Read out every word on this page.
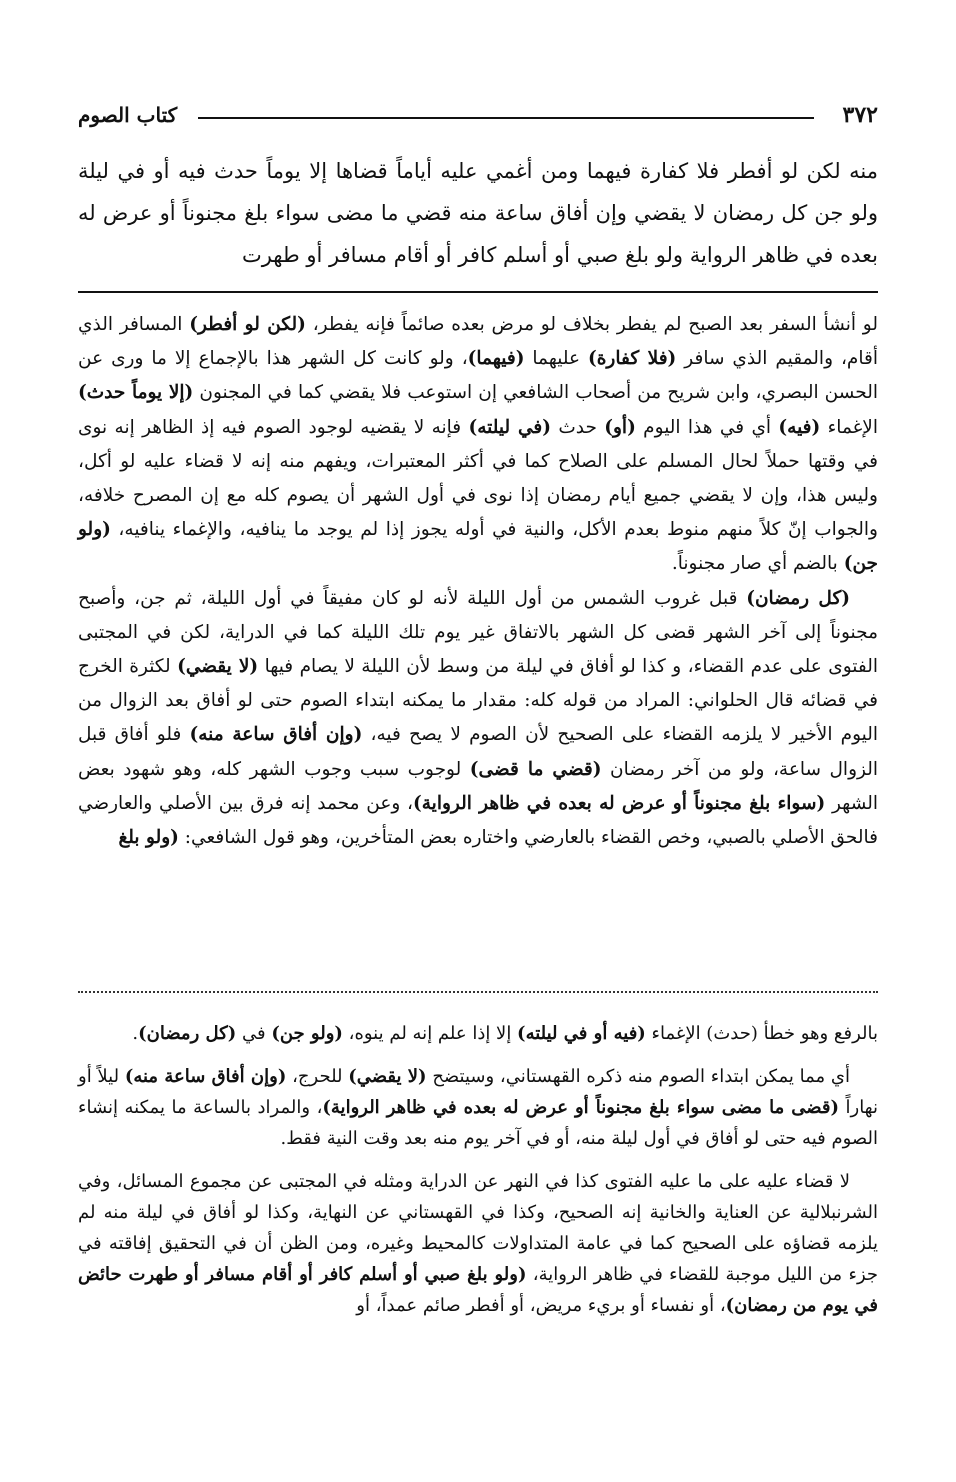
٣٧٢
كتاب الصوم

منه لكن لو أفطر فلا كفارة فيهما ومن أغمي عليه أياماً قضاها إلا يوماً حدث فيه أو في ليلة ولو جن كل رمضان لا يقضي وإن أفاق ساعة منه قضي ما مضى سواء بلغ مجنوناً أو عرض له بعده في ظاهر الرواية ولو بلغ صبي أو أسلم كافر أو أقام مسافر أو طهرت

لو أنشأ السفر بعد الصبح لم يفطر بخلاف لو مرض بعده صائماً فإنه يفطر، (لكن لو أفطر) المسافر الذي أقام، والمقيم الذي سافر (فلا كفارة) عليهما (فيهما)، ولو كانت كل الشهر هذا بالإجماع إلا ما ورى عن الحسن البصري، وابن شريح من أصحاب الشافعي إن استوعب فلا يقضي كما في المجنون (إلا يوماً حدث) الإغماء (فيه) أي في هذا اليوم (أو) حدث (في ليلته) فإنه لا يقضيه لوجود الصوم فيه إذ الظاهر إنه نوى في وقتها حملاً لحال المسلم على الصلاح كما في أكثر المعتبرات، ويفهم منه إنه لا قضاء عليه لو أكل، وليس هذا، وإن لا يقضي جميع أيام رمضان إذا نوى في أول الشهر أن يصوم كله مع إن المصرح خلافه، والجواب إنّ كلاً منهم منوط بعدم الأكل، والنية في أوله يجوز إذا لم يوجد ما ينافيه، والإغماء ينافيه، (ولو جن) بالضم أي صار مجنوناً.

(كل رمضان) قبل غروب الشمس من أول الليلة لأنه لو كان مفيقاً في أول الليلة، ثم جن، وأصبح مجنوناً إلى آخر الشهر قضى كل الشهر بالاتفاق غير يوم تلك الليلة كما في الدراية، لكن في المجتبى الفتوى على عدم القضاء، و كذا لو أفاق في ليلة من وسط لأن الليلة لا يصام فيها (لا يقضي) لكثرة الخرج في قضائه قال الحلواني: المراد من قوله كله: مقدار ما يمكنه ابتداء الصوم حتى لو أفاق بعد الزوال من اليوم الأخير لا يلزمه القضاء على الصحيح لأن الصوم لا يصح فيه، (وإن أفاق ساعة منه) فلو أفاق قبل الزوال ساعة، ولو من آخر رمضان (قضي ما قضى) لوجوب سبب وجوب الشهر كله، وهو شهود بعض الشهر (سواء بلغ مجنوناً أو عرض له بعده في ظاهر الرواية)، وعن محمد إنه فرق بين الأصلي والعارضي فالحق الأصلي بالصبي، وخص القضاء بالعارضي واختاره بعض المتأخرين، وهو قول الشافعي: (ولو بلغ

بالرفع وهو خطأ (حدث) الإغماء (فيه أو في ليلته) إلا إذا علم إنه لم ينوه، (ولو جن) في (كل رمضان).

أي مما يمكن ابتداء الصوم منه ذكره القهستاني، وسيتضح (لا يقضي) للحرج، (وإن أفاق ساعة منه) ليلاً أو نهاراً (قضى ما مضى سواء بلغ مجنوناً أو عرض له بعده في ظاهر الرواية)، والمراد بالساعة ما يمكنه إنشاء الصوم فيه حتى لو أفاق في أول ليلة منه، أو في آخر يوم منه بعد وقت النية فقط.

لا قضاء عليه على ما عليه الفتوى كذا في النهر عن الدراية ومثله في المجتبى عن مجموع المسائل، وفي الشرنبلالية عن العناية والخانية إنه الصحيح، وكذا في القهستاني عن النهاية، وكذا لو أفاق في ليلة منه لم يلزمه قضاؤه على الصحيح كما في عامة المتداولات كالمحيط وغيره، ومن الظن أن في التحقيق إفاقته في جزء من الليل موجبة للقضاء في ظاهر الرواية، (ولو بلغ صبي أو أسلم كافر أو أقام مسافر أو طهرت حائض في يوم من رمضان)، أو نفساء أو بريء مريض، أو أفطر صائم عمداً، أو
